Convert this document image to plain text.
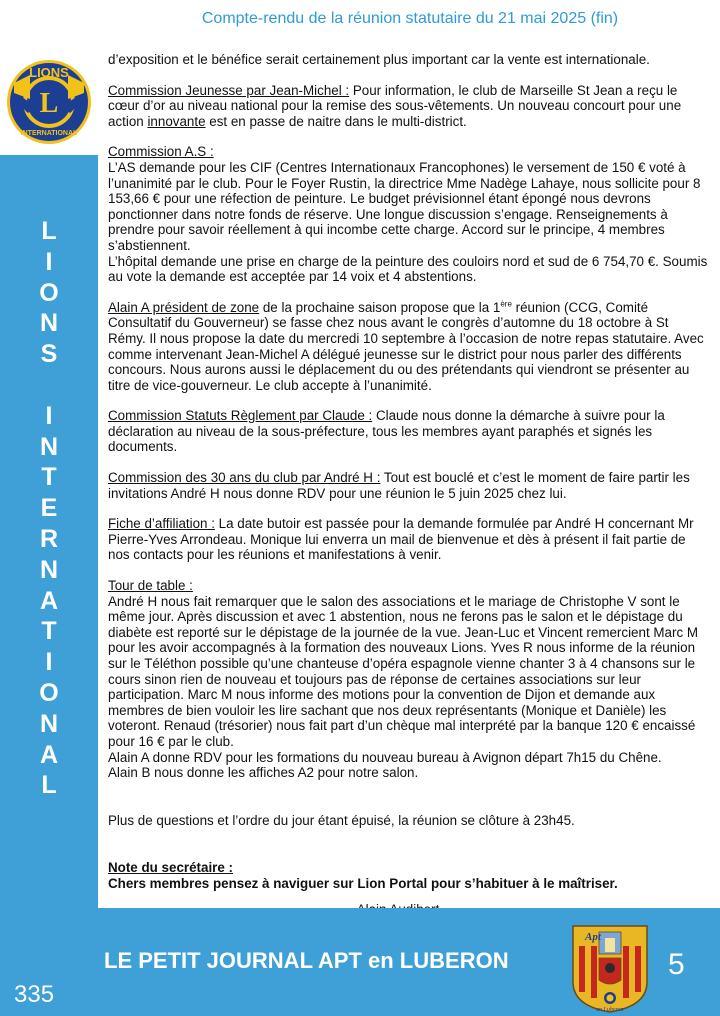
Compte-rendu de la réunion statutaire du 21 mai 2025 (fin)
LIONS
L
INTERNATIONAL
L
I
O
N
S
I
N
T
E
R
N
A
T
I
O
N
A
L

d’exposition et le bénéfice serait certainement plus important car la vente est internationale.

Commission Jeunesse par Jean-Michel : Pour information, le club de Marseille St Jean a reçu le cœur d’or au niveau national pour la remise des sous-vêtements. Un nouveau concourt pour une action innovante est en passe de naitre dans le multi-district.

Commission A.S :
L’AS demande pour les CIF (Centres Internationaux Francophones) le versement de 150 € voté à l’unanimité par le club. Pour le Foyer Rustin, la directrice Mme Nadège Lahaye, nous sollicite pour 8 153,66 € pour une réfection de peinture. Le budget prévisionnel étant épongé nous devrons ponctionner dans notre fonds de réserve. Une longue discussion s’engage. Renseignements à prendre pour savoir réellement à qui incombe cette charge. Accord sur le principe, 4 membres s’abstiennent.
L’hôpital demande une prise en charge de la peinture des couloirs nord et sud de 6 754,70 €. Soumis au vote la demande est acceptée par 14 voix et 4 abstentions.

Alain A président de zone de la prochaine saison propose que la 1ère réunion (CCG, Comité Consultatif du Gouverneur) se fasse chez nous avant le congrès d’automne du 18 octobre à St Rémy. Il nous propose la date du mercredi 10 septembre à l’occasion de notre repas statutaire. Avec comme intervenant Jean-Michel A délégué jeunesse sur le district pour nous parler des différents concours. Nous aurons aussi le déplacement du ou des prétendants qui viendront se présenter au titre de vice-gouverneur. Le club accepte à l’unanimité.

Commission Statuts Règlement par Claude : Claude nous donne la démarche à suivre pour la déclaration au niveau de la sous-préfecture, tous les membres ayant paraphés et signés les documents.

Commission des 30 ans du club par André H : Tout est bouclé et c’est le moment de faire partir les invitations André H nous donne RDV pour une réunion le 5 juin 2025 chez lui.

Fiche d’affiliation : La date butoir est passée pour la demande formulée par André H concernant Mr Pierre-Yves Arrondeau. Monique lui enverra un mail de bienvenue et dès à présent il fait partie de nos contacts pour les réunions et manifestations à venir.

Tour de table :
André H nous fait remarquer que le salon des associations et le mariage de Christophe V sont le même jour. Après discussion et avec 1 abstention, nous ne ferons pas le salon et le dépistage du diabète est reporté sur le dépistage de la journée de la vue. Jean-Luc et Vincent remercient Marc M pour les avoir accompagnés à la formation des nouveaux Lions. Yves R nous informe de la réunion sur le Téléthon possible qu’une chanteuse d’opéra espagnole vienne chanter 3 à 4 chansons sur le cours sinon rien de nouveau et toujours pas de réponse de certaines associations sur leur participation. Marc M nous informe des motions pour la convention de Dijon et demande aux membres de bien vouloir les lire sachant que nos deux représentants (Monique et Danièle) les voteront. Renaud (trésorier) nous fait part d’un chèque mal interprété par la banque 120 € encaissé pour 16 € par le club.
Alain A donne RDV pour les formations du nouveau bureau à Avignon départ 7h15 du Chêne.
Alain B nous donne les affiches A2 pour notre salon.

Plus de questions et l’ordre du jour étant épuisé, la réunion se clôture à 23h45.

Note du secrétaire :
Chers membres pensez à naviguer sur Lion Portal pour s’habituer à le maîtriser.

LE PETIT JOURNAL APT en LUBERON
335
5
Apt
en Luberon
